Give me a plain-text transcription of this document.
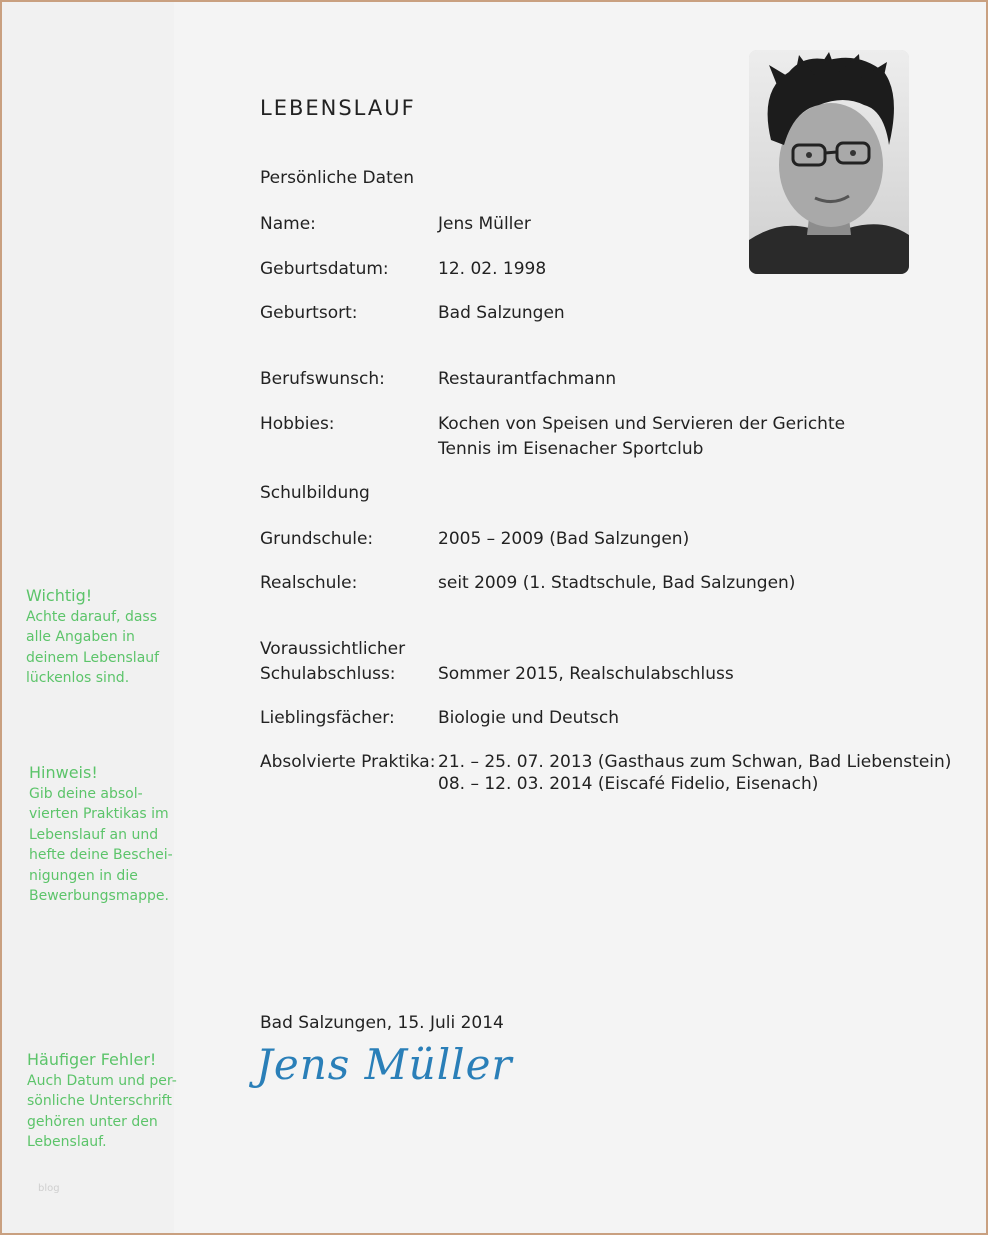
LEBENSLAUF
Persönliche Daten
Name:	Jens Müller
Geburtsdatum:	12. 02. 1998
Geburtsort:	Bad Salzungen
Berufswunsch:	Restaurantfachmann
Hobbies:	Kochen von Speisen und Servieren der Gerichte
Tennis im Eisenacher Sportclub
Schulbildung
Grundschule:	2005 – 2009 (Bad Salzungen)
Realschule:	seit 2009 (1. Stadtschule, Bad Salzungen)
Voraussichtlicher
Schulabschluss:	Sommer 2015, Realschulabschluss
Lieblingsfächer:	Biologie und Deutsch
Absolvierte Praktika: 21. – 25. 07. 2013 (Gasthaus zum Schwan, Bad Liebenstein)
08. – 12. 03. 2014 (Eiscafé Fidelio, Eisenach)
Bad Salzungen, 15. Juli 2014
Jens Müller
Wichtig!
Achte darauf, dass
alle Angaben in
deinem Lebenslauf
lückenlos sind.
Hinweis!
Gib deine absol-
vierten Praktikas im
Lebenslauf an und
hefte deine Beschei-
nigungen in die
Bewerbungsmappe.
Häufiger Fehler!
Auch Datum und per-
sönliche Unterschrift
gehören unter den
Lebenslauf.
blog
